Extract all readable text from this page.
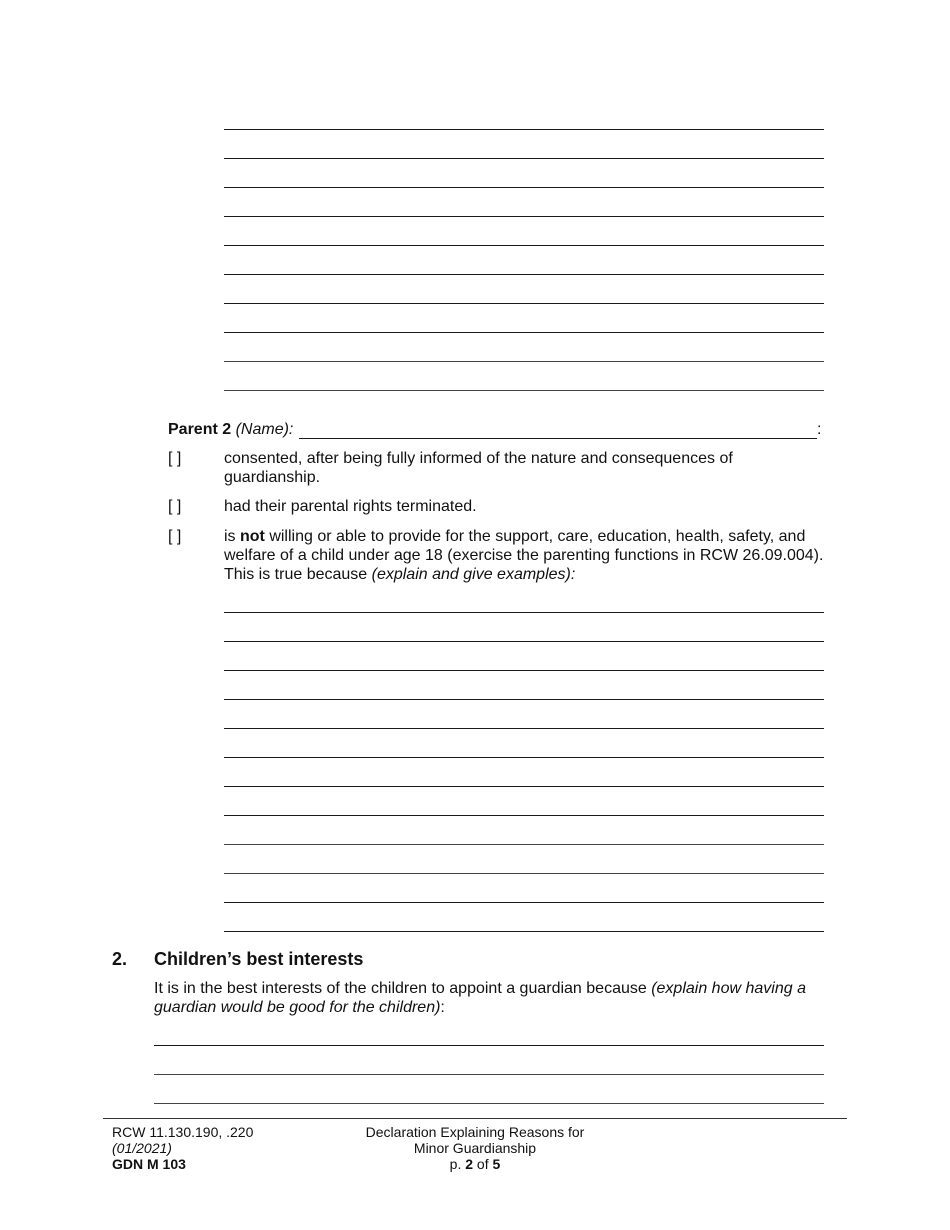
Parent 2 (Name):	:
[ ]	consented, after being fully informed of the nature and consequences of guardianship.
[ ]	had their parental rights terminated.
[ ]	is not willing or able to provide for the support, care, education, health, safety, and welfare of a child under age 18 (exercise the parenting functions in RCW 26.09.004). This is true because (explain and give examples):
2. Children’s best interests
It is in the best interests of the children to appoint a guardian because (explain how having a guardian would be good for the children):
RCW 11.130.190, .220
(01/2021)
GDN M 103
Declaration Explaining Reasons for
Minor Guardianship
p. 2 of 5
